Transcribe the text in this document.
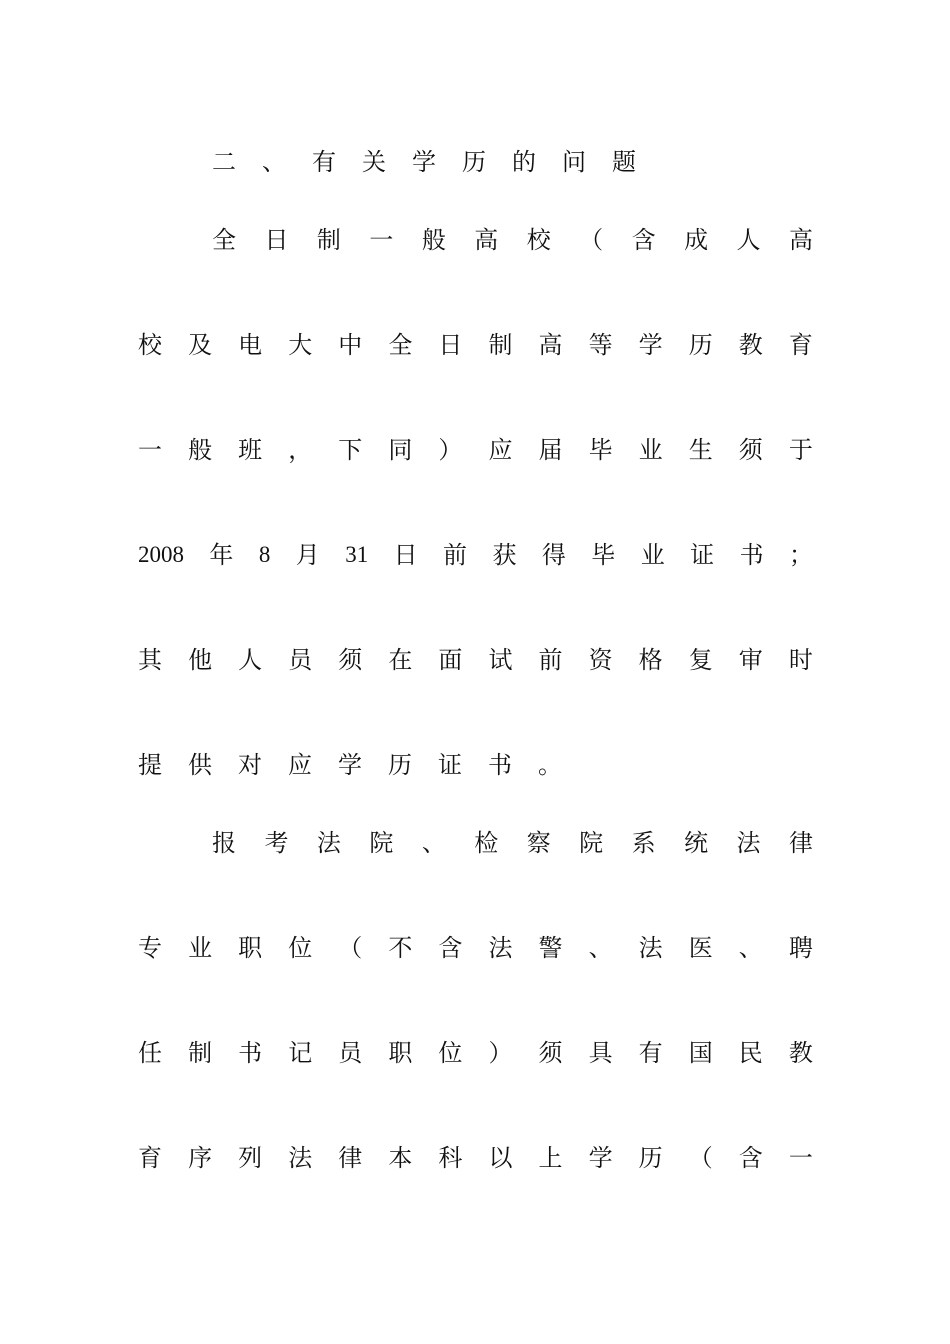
二 、 有 关 学 历 的 问 题
全 日 制 一 般 高 校 （ 含 成 人 高
校 及 电 大 中 全 日 制 高 等 学 历 教 育
一 般 班 ， 下 同 ） 应 届 毕 业 生 须 于
2008 年 8 月 31 日 前 获 得 毕 业 证 书 ；
其 他 人 员 须 在 面 试 前 资 格 复 审 时
提 供 对 应 学 历 证 书 。
报 考 法 院 、 检 察 院 系 统 法 律
专 业 职 位 （ 不 含 法 警 、 法 医 、 聘
任 制 书 记 员 职 位 ） 须 具 有 国 民 教
育 序 列 法 律 本 科 以 上 学 历 （ 含 一
